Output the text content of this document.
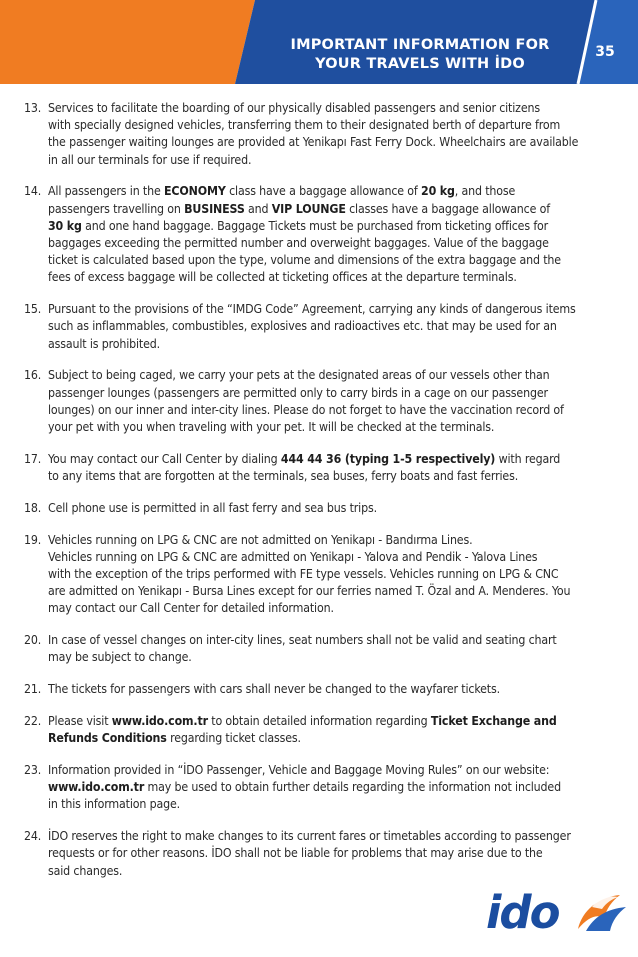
IMPORTANT INFORMATION FOR
YOUR TRAVELS WITH İDO
35
13. Services to facilitate the boarding of our physically disabled passengers and senior citizens
with specially designed vehicles, transferring them to their designated berth of departure from
the passenger waiting lounges are provided at Yenikapı Fast Ferry Dock. Wheelchairs are available
in all our terminals for use if required.
14. All passengers in the ECONOMY class have a baggage allowance of 20 kg, and those
passengers travelling on BUSINESS and VIP LOUNGE classes have a baggage allowance of
30 kg and one hand baggage. Baggage Tickets must be purchased from ticketing offices for
baggages exceeding the permitted number and overweight baggages. Value of the baggage
ticket is calculated based upon the type, volume and dimensions of the extra baggage and the
fees of excess baggage will be collected at ticketing offices at the departure terminals.
15. Pursuant to the provisions of the “IMDG Code” Agreement, carrying any kinds of dangerous items
such as inflammables, combustibles, explosives and radioactives etc. that may be used for an
assault is prohibited.
16. Subject to being caged, we carry your pets at the designated areas of our vessels other than
passenger lounges (passengers are permitted only to carry birds in a cage on our passenger
lounges) on our inner and inter-city lines. Please do not forget to have the vaccination record of
your pet with you when traveling with your pet. It will be checked at the terminals.
17. You may contact our Call Center by dialing 444 44 36 (typing 1-5 respectively) with regard
to any items that are forgotten at the terminals, sea buses, ferry boats and fast ferries.
18. Cell phone use is permitted in all fast ferry and sea bus trips.
19. Vehicles running on LPG & CNC are not admitted on Yenikapı - Bandırma Lines.
Vehicles running on LPG & CNC are admitted on Yenikapı - Yalova and Pendik - Yalova Lines
with the exception of the trips performed with FE type vessels. Vehicles running on LPG & CNC
are admitted on Yenikapı - Bursa Lines except for our ferries named T. Özal and A. Menderes. You
may contact our Call Center for detailed information.
20. In case of vessel changes on inter-city lines, seat numbers shall not be valid and seating chart
may be subject to change.
21. The tickets for passengers with cars shall never be changed to the wayfarer tickets.
22. Please visit www.ido.com.tr to obtain detailed information regarding Ticket Exchange and
Refunds Conditions regarding ticket classes.
23. Information provided in “İDO Passenger, Vehicle and Baggage Moving Rules” on our website:
www.ido.com.tr may be used to obtain further details regarding the information not included
in this information page.
24. İDO reserves the right to make changes to its current fares or timetables according to passenger
requests or for other reasons. İDO shall not be liable for problems that may arise due to the
said changes.
ido
